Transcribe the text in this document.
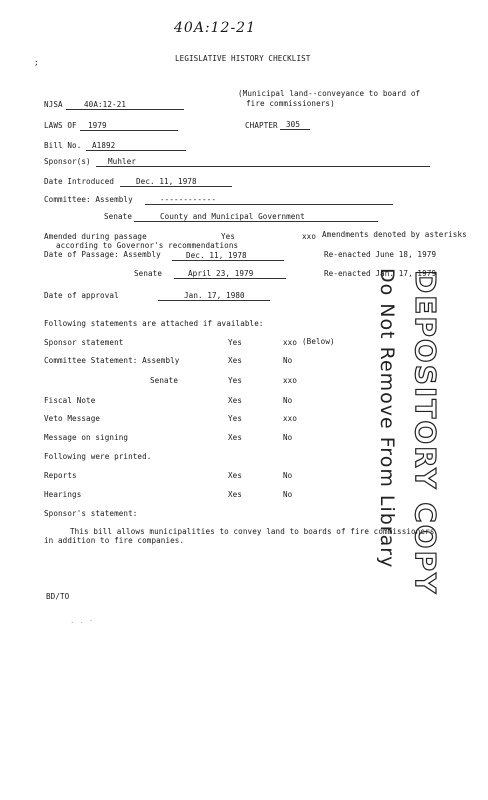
40A:12-21
LEGISLATIVE HISTORY CHECKLIST
;
(Municipal land--conveyance to board of
fire commissioners)
NJSA	40A:12-21
LAWS OF 1979	CHAPTER 305
Bill No. A1892
Sponsor(s) Muhler
Date Introduced	Dec. 11, 1978
Committee: Assembly	------------
Senate	County and Municipal Government
Amended during passage	Yes	xxo Amendments denoted by asterisks
according to Governor's recommendations
Date of Passage: Assembly	Dec. 11, 1978	Re-enacted June 18, 1979
Senate	April 23, 1979	Re-enacted Jan. 17, 1979
Date of approval	Jan. 17, 1980
Following statements are attached if available:
Sponsor statement	Yes	xxo (Below)
Committee Statement: Assembly	Xes	No
Senate	Yes	xxo
Fiscal Note	Xes	No
Veto Message	Yes	xxo
Message on signing	Xes	No
Following were printed.
Reports	Xes	No
Hearings	Xes	No
Sponsor's statement:
This bill allows municipalities to convey land to boards of fire commissioners
in addition to fire companies.
BD/TO
. . ·
DEPOSITORY COPY
Do Not Remove From Library
